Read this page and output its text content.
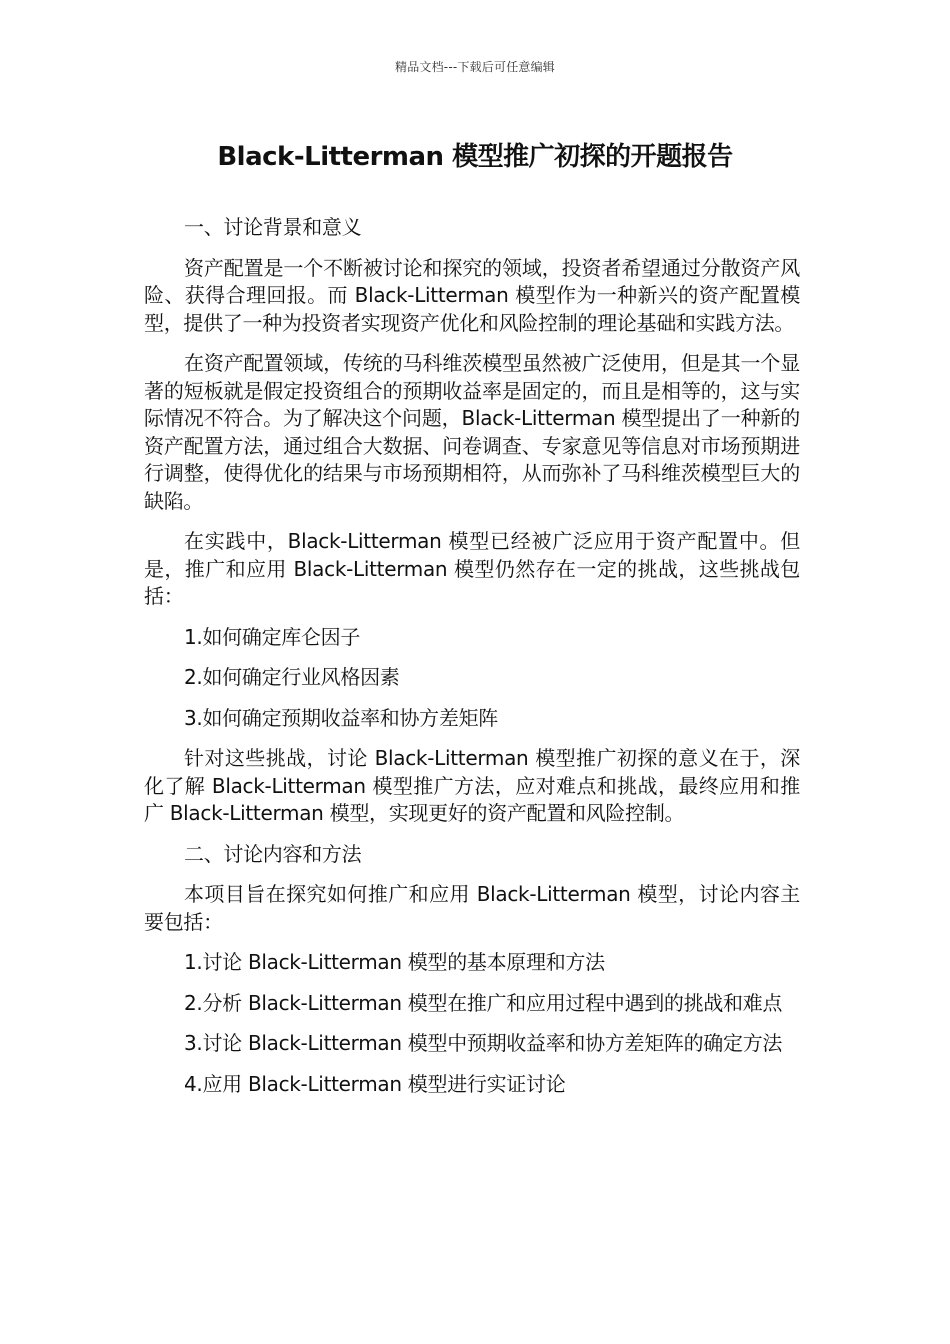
精品文档---下载后可任意编辑
Black-Litterman 模型推广初探的开题报告

一、讨论背景和意义

资产配置是一个不断被讨论和探究的领域，投资者希望通过分散资产风险、获得合理回报。而 Black-Litterman 模型作为一种新兴的资产配置模型，提供了一种为投资者实现资产优化和风险控制的理论基础和实践方法。

在资产配置领域，传统的马科维茨模型虽然被广泛使用，但是其一个显著的短板就是假定投资组合的预期收益率是固定的，而且是相等的，这与实际情况不符合。为了解决这个问题，Black-Litterman 模型提出了一种新的资产配置方法，通过组合大数据、问卷调查、专家意见等信息对市场预期进行调整，使得优化的结果与市场预期相符，从而弥补了马科维茨模型巨大的缺陷。

在实践中，Black-Litterman 模型已经被广泛应用于资产配置中。但是，推广和应用 Black-Litterman 模型仍然存在一定的挑战，这些挑战包括：

1.如何确定库仑因子

2.如何确定行业风格因素

3.如何确定预期收益率和协方差矩阵

针对这些挑战，讨论 Black-Litterman 模型推广初探的意义在于，深化了解 Black-Litterman 模型推广方法，应对难点和挑战，最终应用和推广 Black-Litterman 模型，实现更好的资产配置和风险控制。

二、讨论内容和方法

本项目旨在探究如何推广和应用 Black-Litterman 模型，讨论内容主要包括：

1.讨论 Black-Litterman 模型的基本原理和方法

2.分析 Black-Litterman 模型在推广和应用过程中遇到的挑战和难点

3.讨论 Black-Litterman 模型中预期收益率和协方差矩阵的确定方法

4.应用 Black-Litterman 模型进行实证讨论
